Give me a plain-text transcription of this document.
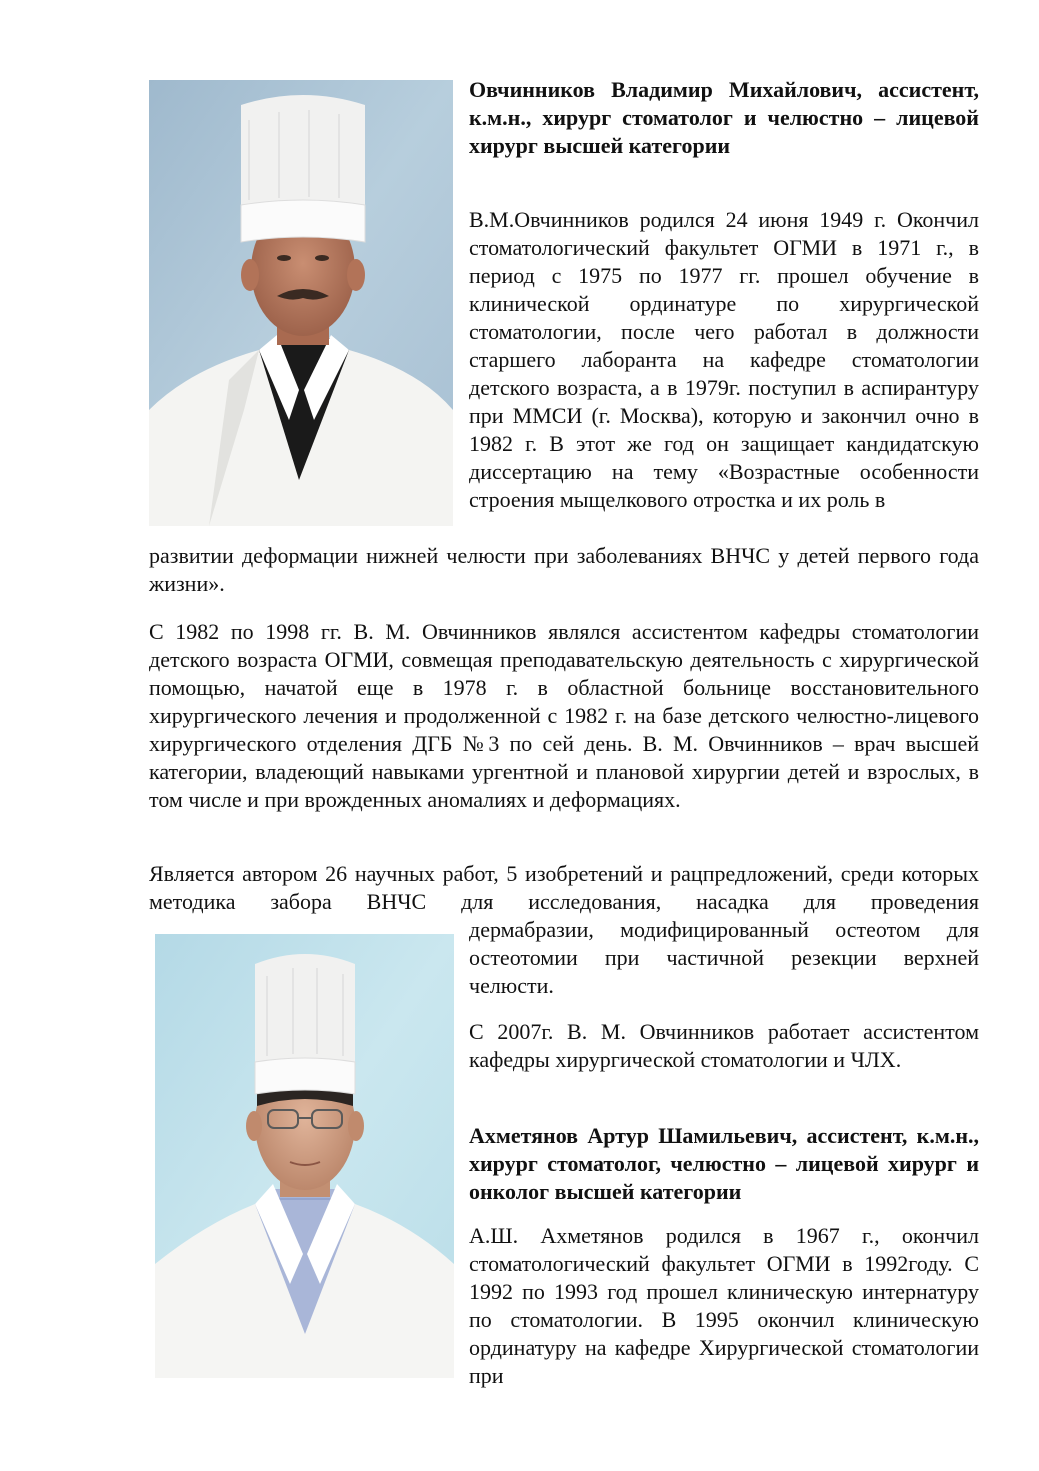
Овчинников Владимир Михайлович, ассистент, к.м.н., хирург стоматолог и челюстно – лицевой хирург высшей категории

В.М.Овчинников родился 24 июня 1949 г. Окончил стоматологический факультет ОГМИ в 1971 г., в период с 1975 по 1977 гг. прошел обучение в клинической ординатуре по хирургической стоматологии, после чего работал в должности старшего лаборанта на кафедре стоматологии детского возраста, а в 1979г. поступил в аспирантуру при ММСИ (г. Москва), которую и закончил очно в 1982 г. В этот же год он защищает кандидатскую диссертацию на тему «Возрастные особенности строения мыщелкового отростка и их роль в

развитии деформации нижней челюсти при заболеваниях ВНЧС у детей первого года жизни».

С 1982 по 1998 гг. В. М. Овчинников являлся ассистентом кафедры стоматологии детского возраста ОГМИ, совмещая преподавательскую деятельность с хирургической помощью, начатой еще в 1978 г. в областной больнице восстановительного хирургического лечения и продолженной с 1982 г. на базе детского челюстно-лицевого хирургического отделения ДГБ №3 по сей день. В. М. Овчинников – врач высшей категории, владеющий навыками ургентной и плановой хирургии детей и взрослых, в том числе и при врожденных аномалиях и деформациях.

Является автором 26 научных работ, 5 изобретений и рацпредложений, среди которых методика забора ВНЧС для исследования, насадка для проведения

дермабразии, модифицированный остеотом для остеотомии при частичной резекции верхней челюсти.

С 2007г. В. М. Овчинников работает ассистентом кафедры хирургической стоматологии и ЧЛХ.

Ахметянов Артур Шамильевич, ассистент, к.м.н., хирург стоматолог, челюстно – лицевой хирург и онколог высшей категории

А.Ш. Ахметянов родился в 1967 г., окончил стоматологический факультет ОГМИ в 1992году. С 1992 по 1993 год прошел клиническую интернатуру по стоматологии. В 1995 окончил клиническую ординатуру на кафедре Хирургической стоматологии при
